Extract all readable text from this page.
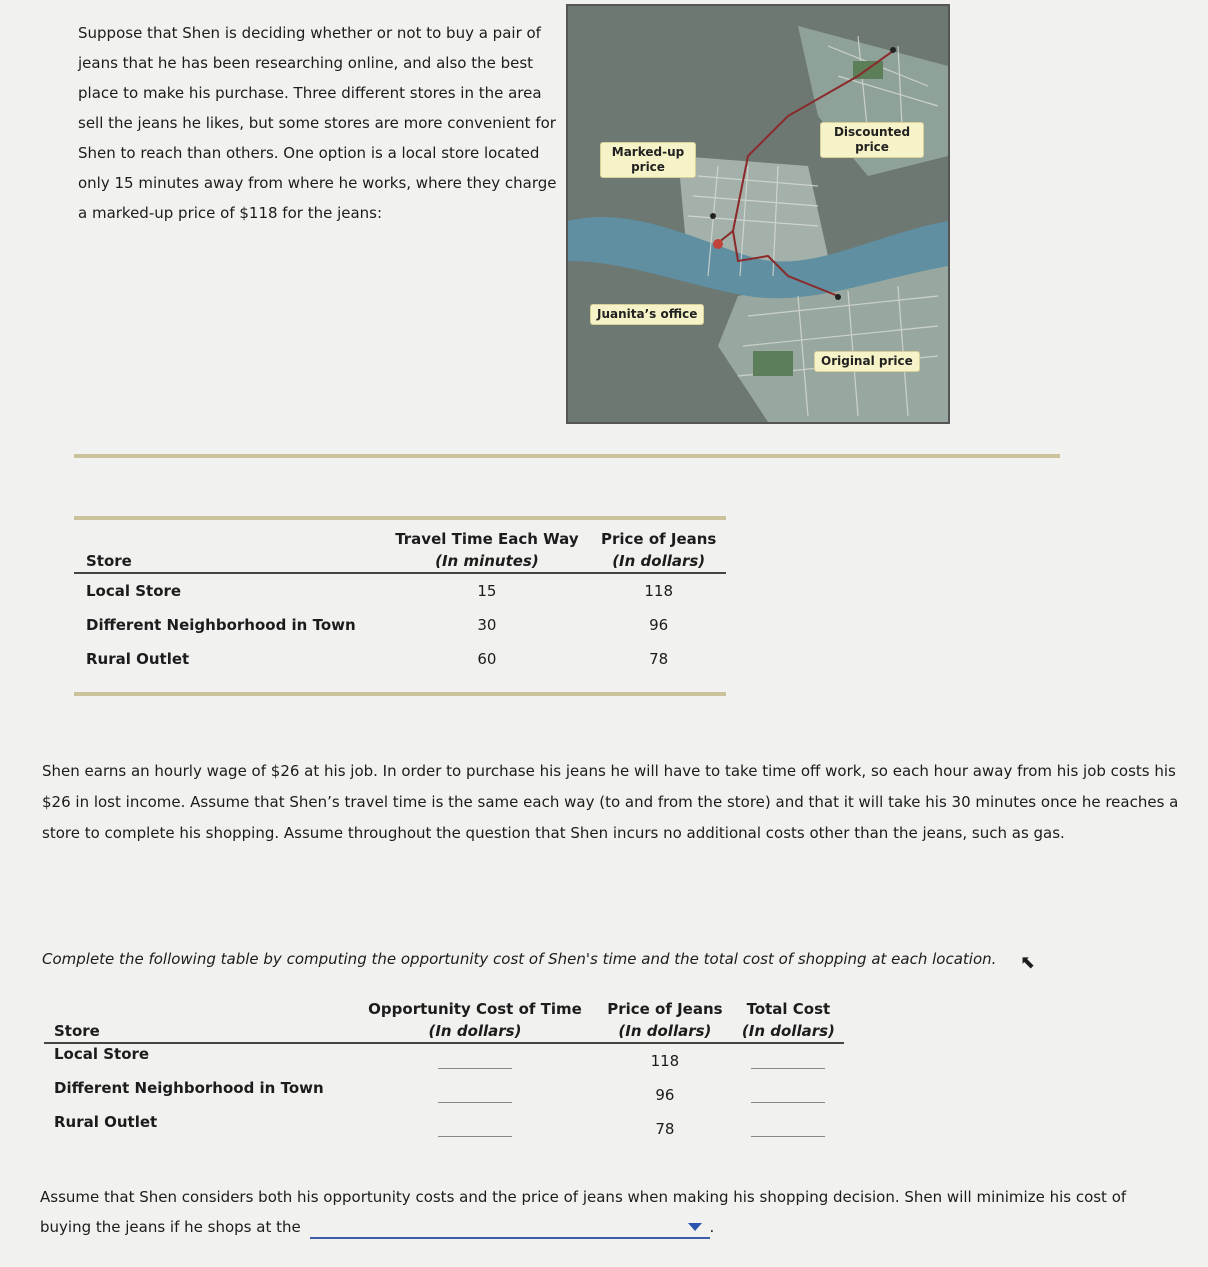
Suppose that Shen is deciding whether or not to buy a pair of jeans that he has been researching online, and also the best place to make his purchase. Three different stores in the area sell the jeans he likes, but some stores are more convenient for Shen to reach than others. One option is a local store located only 15 minutes away from where he works, where they charge a marked-up price of $118 for the jeans:
Marked-up price
Discounted price
Juanita’s office
Original price
Store	Travel Time Each Way	Price of Jeans
	(In minutes)	(In dollars)
Local Store	15	118
Different Neighborhood in Town	30	96
Rural Outlet	60	78
Shen earns an hourly wage of $26 at his job. In order to purchase his jeans he will have to take time off work, so each hour away from his job costs his $26 in lost income. Assume that Shen’s travel time is the same each way (to and from the store) and that it will take his 30 minutes once he reaches a store to complete his shopping. Assume throughout the question that Shen incurs no additional costs other than the jeans, such as gas.
Complete the following table by computing the opportunity cost of Shen's time and the total cost of shopping at each location.	⬉
Store	Opportunity Cost of Time	Price of Jeans	Total Cost
	(In dollars)	(In dollars)	(In dollars)
Local Store		118	
Different Neighborhood in Town		96	
Rural Outlet		78	
Assume that Shen considers both his opportunity costs and the price of jeans when making his shopping decision. Shen will minimize his cost of buying the jeans if he shops at the	.
